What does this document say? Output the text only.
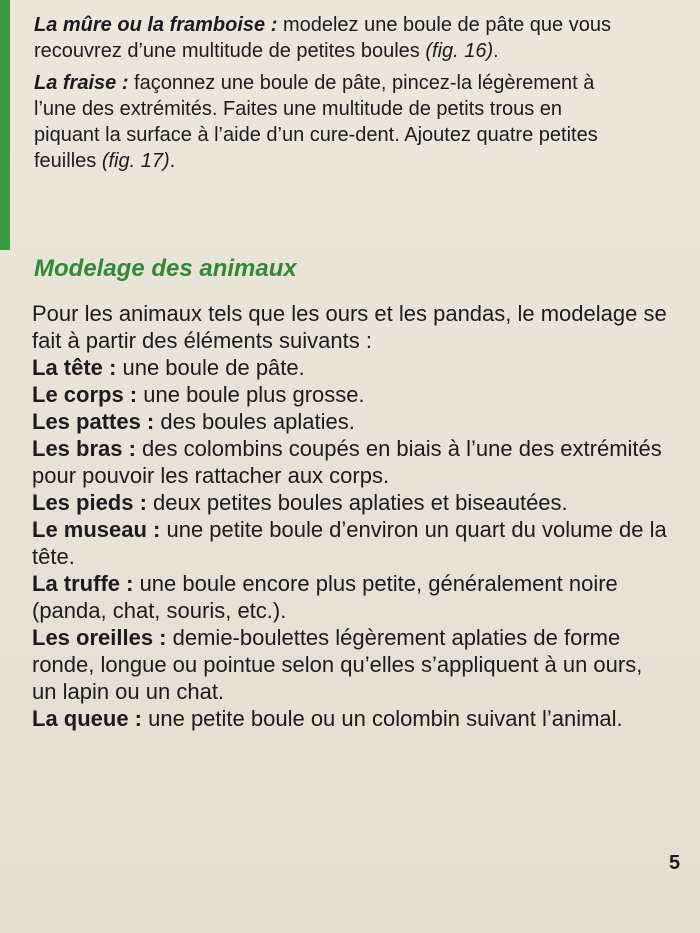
La mûre ou la framboise : modelez une boule de pâte que vous recouvrez d’une multitude de petites boules (fig. 16).

La fraise : façonnez une boule de pâte, pincez-la légèrement à l’une des extrémités. Faites une multitude de petits trous en piquant la surface à l’aide d’un cure-dent. Ajoutez quatre petites feuilles (fig. 17).

Modelage des animaux

Pour les animaux tels que les ours et les pandas, le modelage se fait à partir des éléments suivants :

La tête : une boule de pâte.

Le corps : une boule plus grosse.

Les pattes : des boules aplaties.

Les bras : des colombins coupés en biais à l’une des extrémités pour pouvoir les rattacher aux corps.

Les pieds : deux petites boules aplaties et biseautées.

Le museau : une petite boule d’environ un quart du volume de la tête.

La truffe : une boule encore plus petite, généralement noire (panda, chat, souris, etc.).

Les oreilles : demie-boulettes légèrement aplaties de forme ronde, longue ou pointue selon qu’elles s’appliquent à un ours, un lapin ou un chat.

La queue : une petite boule ou un colombin suivant l’animal.

5
